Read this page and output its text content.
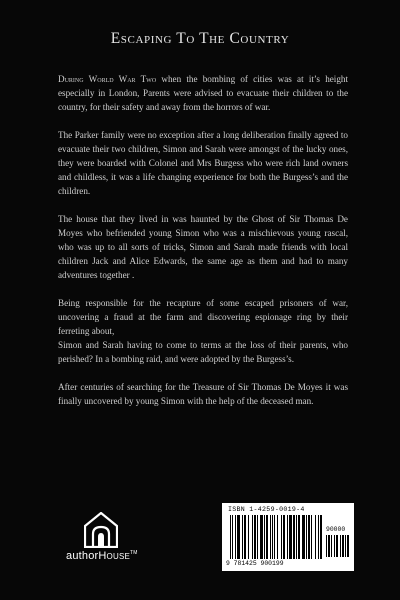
Escaping To The Country

During World War Two when the bombing of cities was at it’s height especially in London, Parents were advised to evacuate their children to the country, for their safety and away from the horrors of war.

The Parker family were no exception after a long deliberation finally agreed to evacuate their two children, Simon and Sarah were amongst of the lucky ones, they were boarded with Colonel and Mrs Burgess who were rich land owners and childless, it was a life changing experience for both the Burgess’s and the children.

The house that they lived in was haunted by the Ghost of Sir Thomas De Moyes who befriended young Simon who was a mischievous young rascal, who was up to all sorts of tricks, Simon and Sarah made friends with local children Jack and Alice Edwards, the same age as them and had to many adventures together .

Being responsible for the recapture of some escaped prisoners of war, uncovering a fraud at the farm and discovering espionage ring by their ferreting about,
Simon and Sarah having to come to terms at the loss of their parents, who perished? In a bombing raid, and were adopted by the Burgess’s.

After centuries of searching for the Treasure of Sir Thomas De Moyes it was finally uncovered by young Simon with the help of the deceased man.

authorHOUSE™
ISBN 1-4259-0019-4
90000
9 781425 900199
